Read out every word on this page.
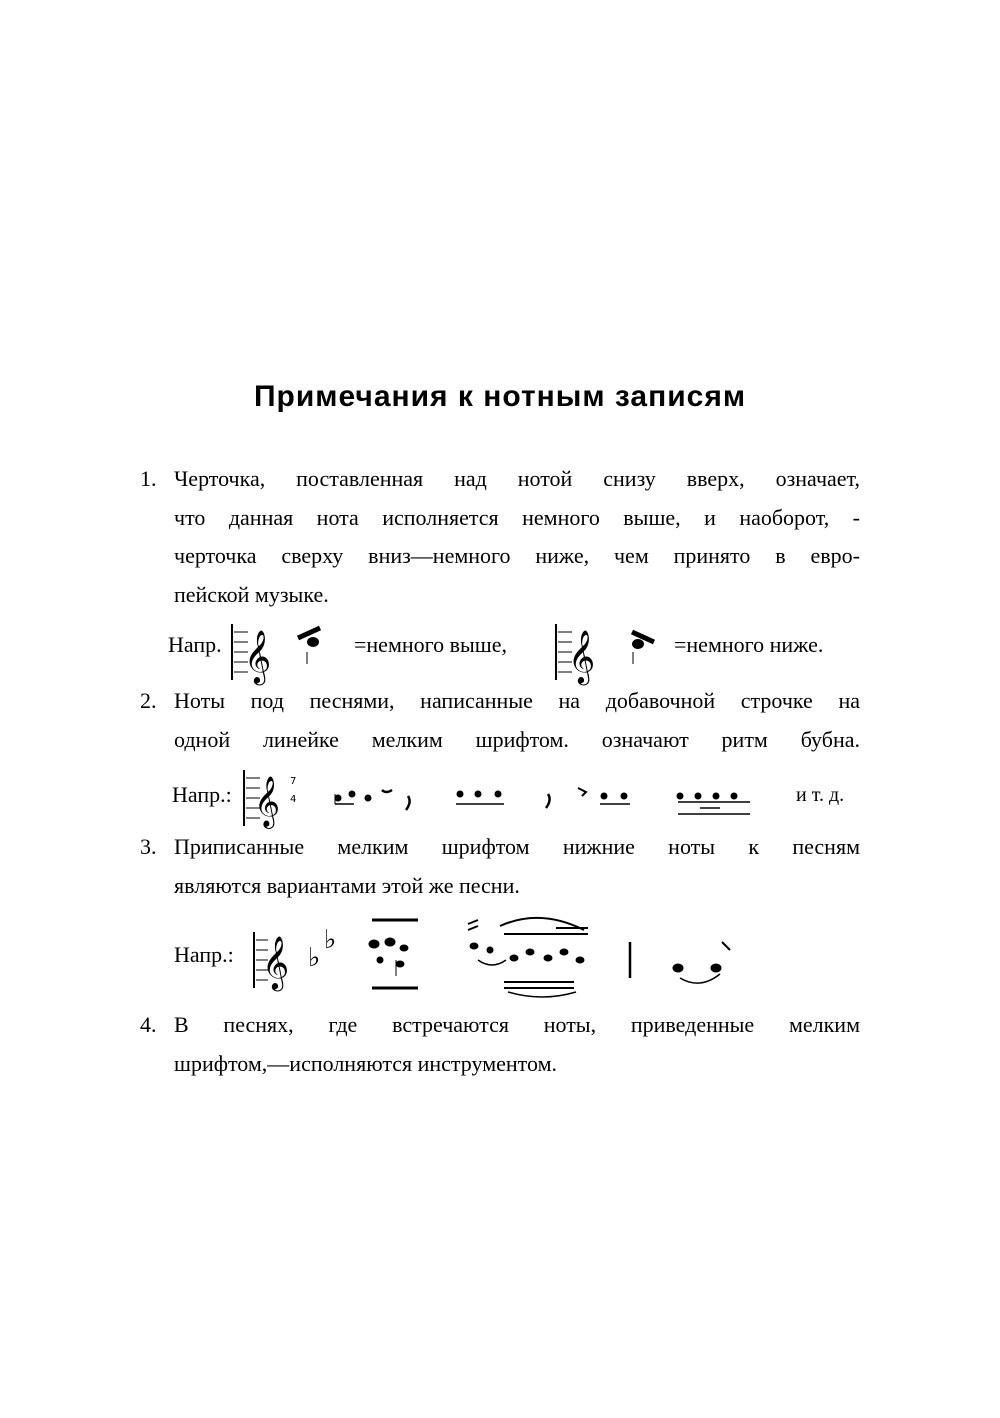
Примечания к нотным записям
1. Черточка, поставленная над нотой снизу вверх, означает,
что данная нота исполняется немного выше, и наоборот, -
черточка сверху вниз—немного ниже, чем принято в евро-
пейской музыке.
Напр. 𝄞	𝄞
=немного выше,	=немного ниже.
2. Ноты под песнями, написанные на добавочной строчке на
одной линейке мелким шрифтом. означают ритм бубна.
Напр.: 𝄞 7
4	и т. д.
3. Приписанные мелким шрифтом нижние ноты к песням
являются вариантами этой же песни.
Напр.: 𝄞 ♭
♭
4. В песнях, где встречаются ноты, приведенные мелким
шрифтом,—исполняются инструментом.
